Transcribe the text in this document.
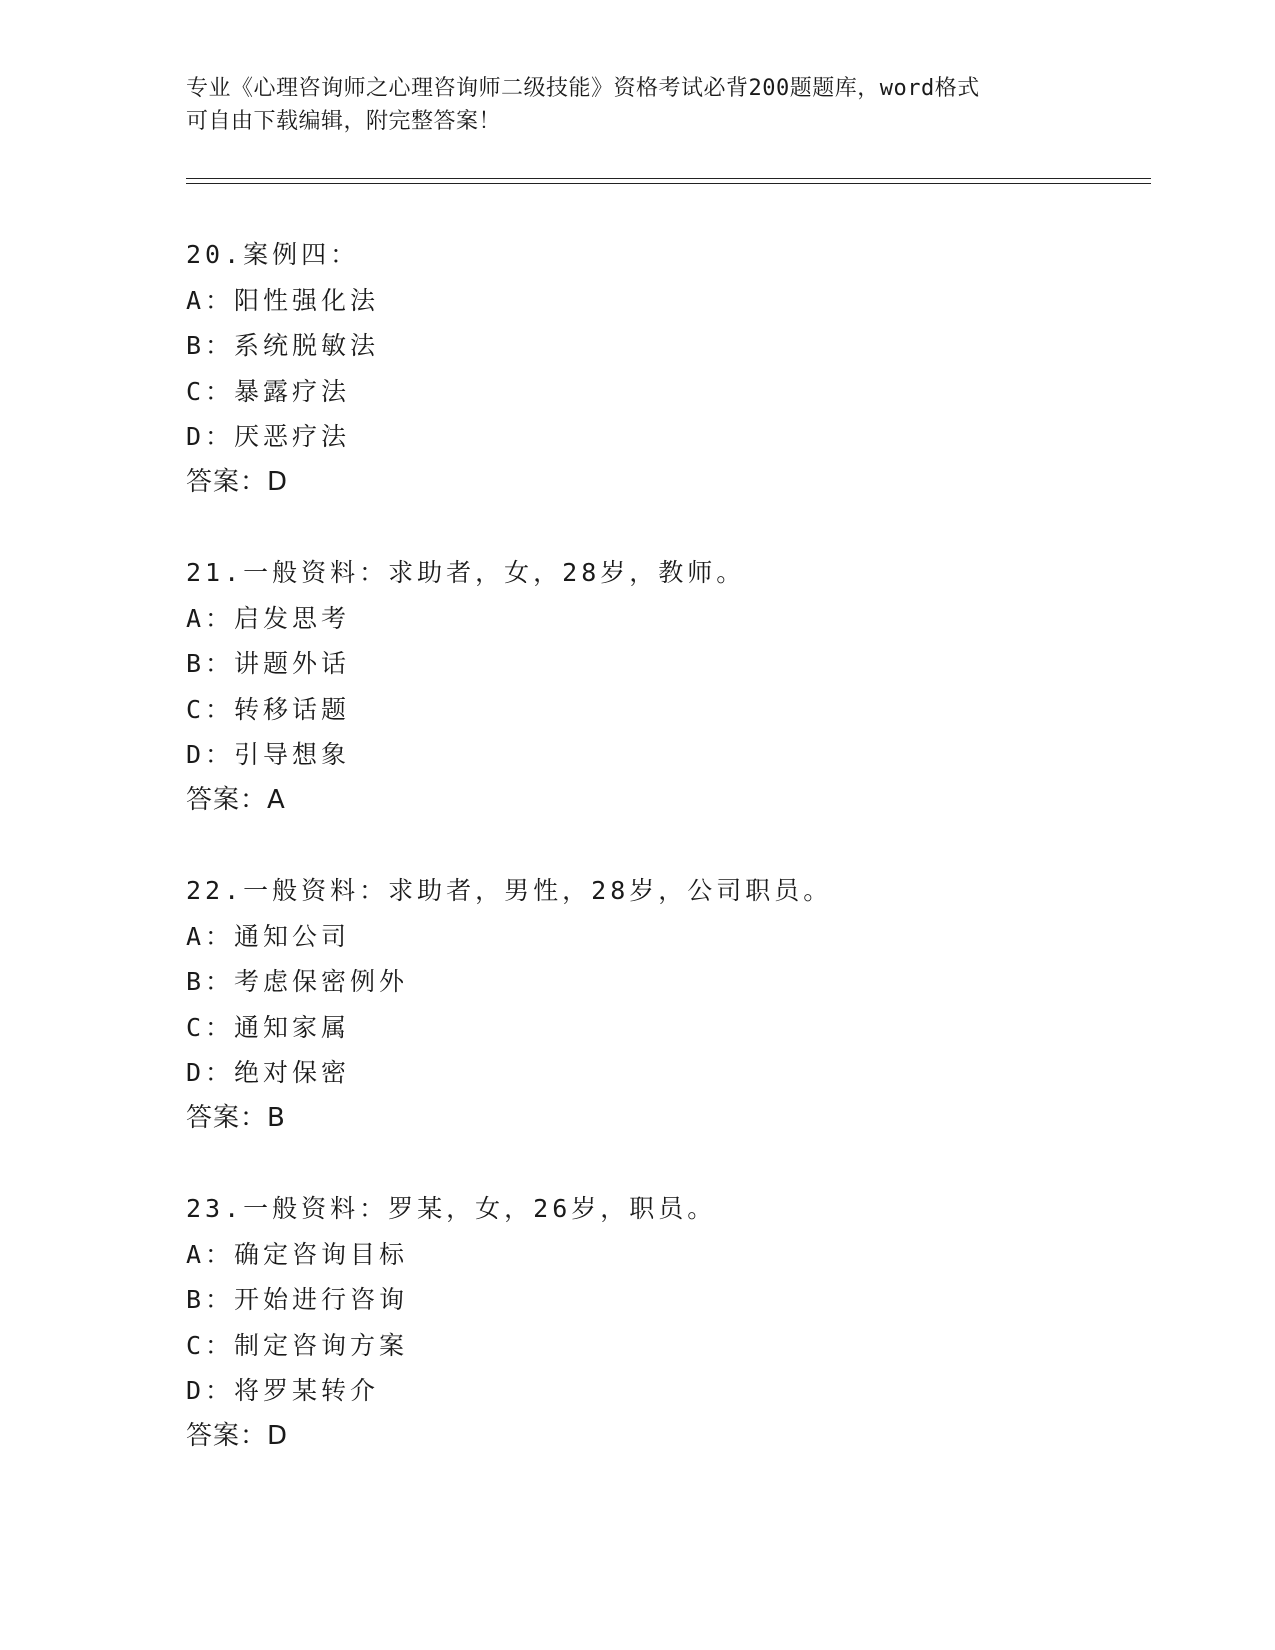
专业《心理咨询师之心理咨询师二级技能》资格考试必背200题题库，word格式
可自由下载编辑，附完整答案！
20.案例四：
A：阳性强化法
B：系统脱敏法
C：暴露疗法
D：厌恶疗法
答案：D
21.一般资料：求助者，女，28岁，教师。
A：启发思考
B：讲题外话
C：转移话题
D：引导想象
答案：A
22.一般资料：求助者，男性，28岁，公司职员。
A：通知公司
B：考虑保密例外
C：通知家属
D：绝对保密
答案：B
23.一般资料：罗某，女，26岁，职员。
A：确定咨询目标
B：开始进行咨询
C：制定咨询方案
D：将罗某转介
答案：D
